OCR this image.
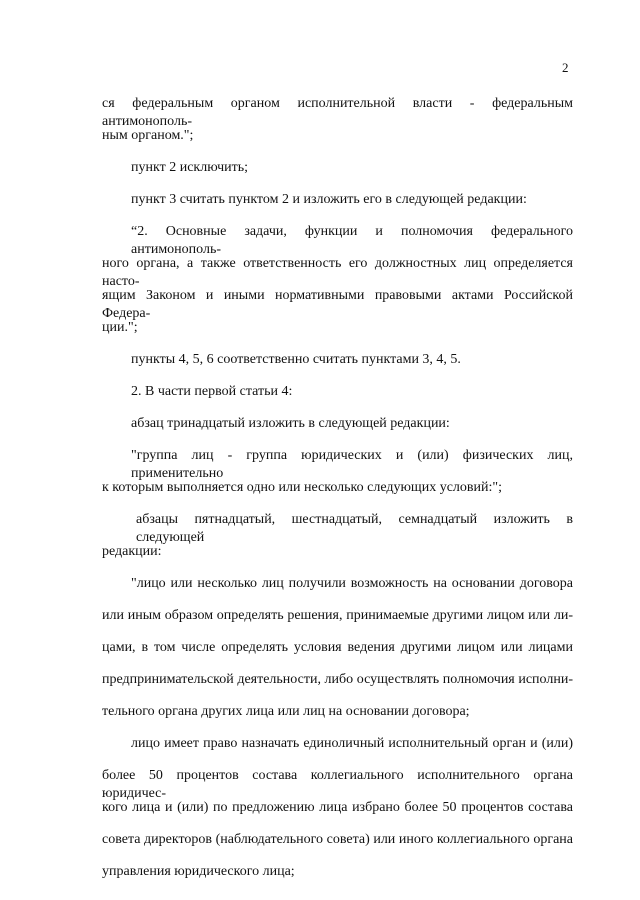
2
ся федеральным органом исполнительной власти - федеральным антимонополь-
ным органом.";
пункт 2 исключить;
пункт 3 считать пунктом 2 и изложить его в следующей редакции:
“2. Основные задачи, функции и полномочия федерального антимонополь-
ного органа, а также ответственность его должностных лиц определяется насто-
ящим Законом и иными нормативными правовыми актами Российской Федера-
ции.";
пункты 4, 5, 6 соответственно считать пунктами 3, 4, 5.
2. В части первой статьи 4:
абзац тринадцатый изложить в следующей редакции:
"группа лиц - группа юридических и (или) физических лиц, применительно
к которым выполняется одно или несколько следующих условий:";
абзацы пятнадцатый, шестнадцатый, семнадцатый изложить в следующей
редакции:
"лицо или несколько лиц получили возможность на основании договора
или иным образом определять решения, принимаемые другими лицом или ли-
цами, в том числе определять условия ведения другими лицом или лицами
предпринимательской деятельности, либо осуществлять полномочия исполни-
тельного органа других лица или лиц на основании договора;
лицо имеет право назначать единоличный исполнительный орган и (или)
более 50 процентов состава коллегиального исполнительного органа юридичес-
кого лица и (или) по предложению лица избрано более 50 процентов состава
совета директоров (наблюдательного совета) или иного коллегиального органа
управления юридического лица;
